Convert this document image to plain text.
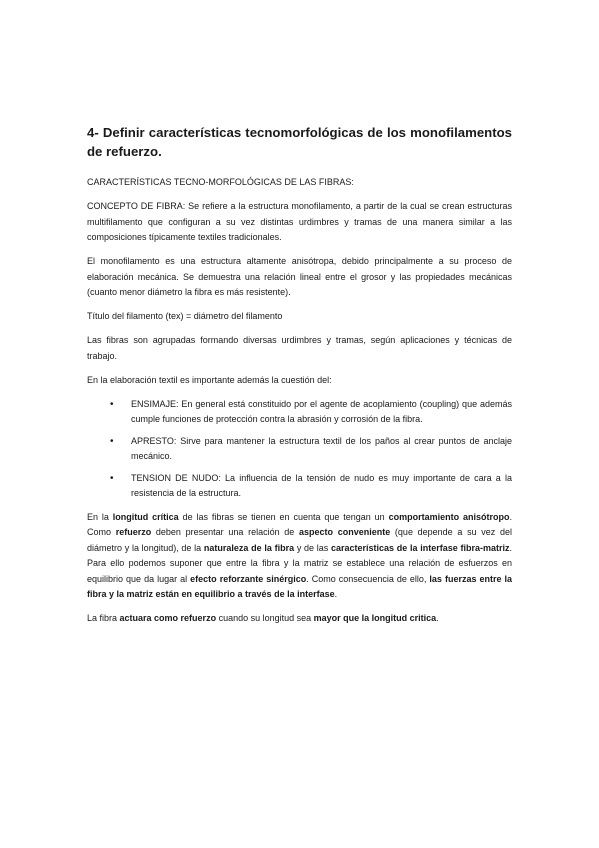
4- Definir características tecnomorfológicas de los monofilamentos de refuerzo.

CARACTERÍSTICAS TECNO-MORFOLÓGICAS DE LAS FIBRAS:

CONCEPTO DE FIBRA: Se refiere a la estructura monofilamento, a partir de la cual se crean estructuras multifilamento que configuran a su vez distintas urdimbres y tramas de una manera similar a las composiciones típicamente textiles tradicionales.

El monofilamento es una estructura altamente anisótropa, debido principalmente a su proceso de elaboración mecánica. Se demuestra una relación lineal entre el grosor y las propiedades mecánicas (cuanto menor diámetro la fibra es más resistente).

Título del filamento (tex) = diámetro del filamento

Las fibras son agrupadas formando diversas urdimbres y tramas, según aplicaciones y técnicas de trabajo.

En la elaboración textil es importante además la cuestión del:

• ENSIMAJE: En general está constituido por el agente de acoplamiento (coupling) que además cumple funciones de protección contra la abrasión y corrosión de la fibra.
• APRESTO: Sirve para mantener la estructura textil de los paños al crear puntos de anclaje mecánico.
• TENSION DE NUDO: La influencia de la tensión de nudo es muy importante de cara a la resistencia de la estructura.

En la longitud crítica de las fibras se tienen en cuenta que tengan un comportamiento anisótropo. Como refuerzo deben presentar una relación de aspecto conveniente (que depende a su vez del diámetro y la longitud), de la naturaleza de la fibra y de las características de la interfase fibra-matriz. Para ello podemos suponer que entre la fibra y la matriz se establece una relación de esfuerzos en equilibrio que da lugar al efecto reforzante sinérgico. Como consecuencia de ello, las fuerzas entre la fibra y la matriz están en equilibrio a través de la interfase.

La fibra actuara como refuerzo cuando su longitud sea mayor que la longitud critica.
